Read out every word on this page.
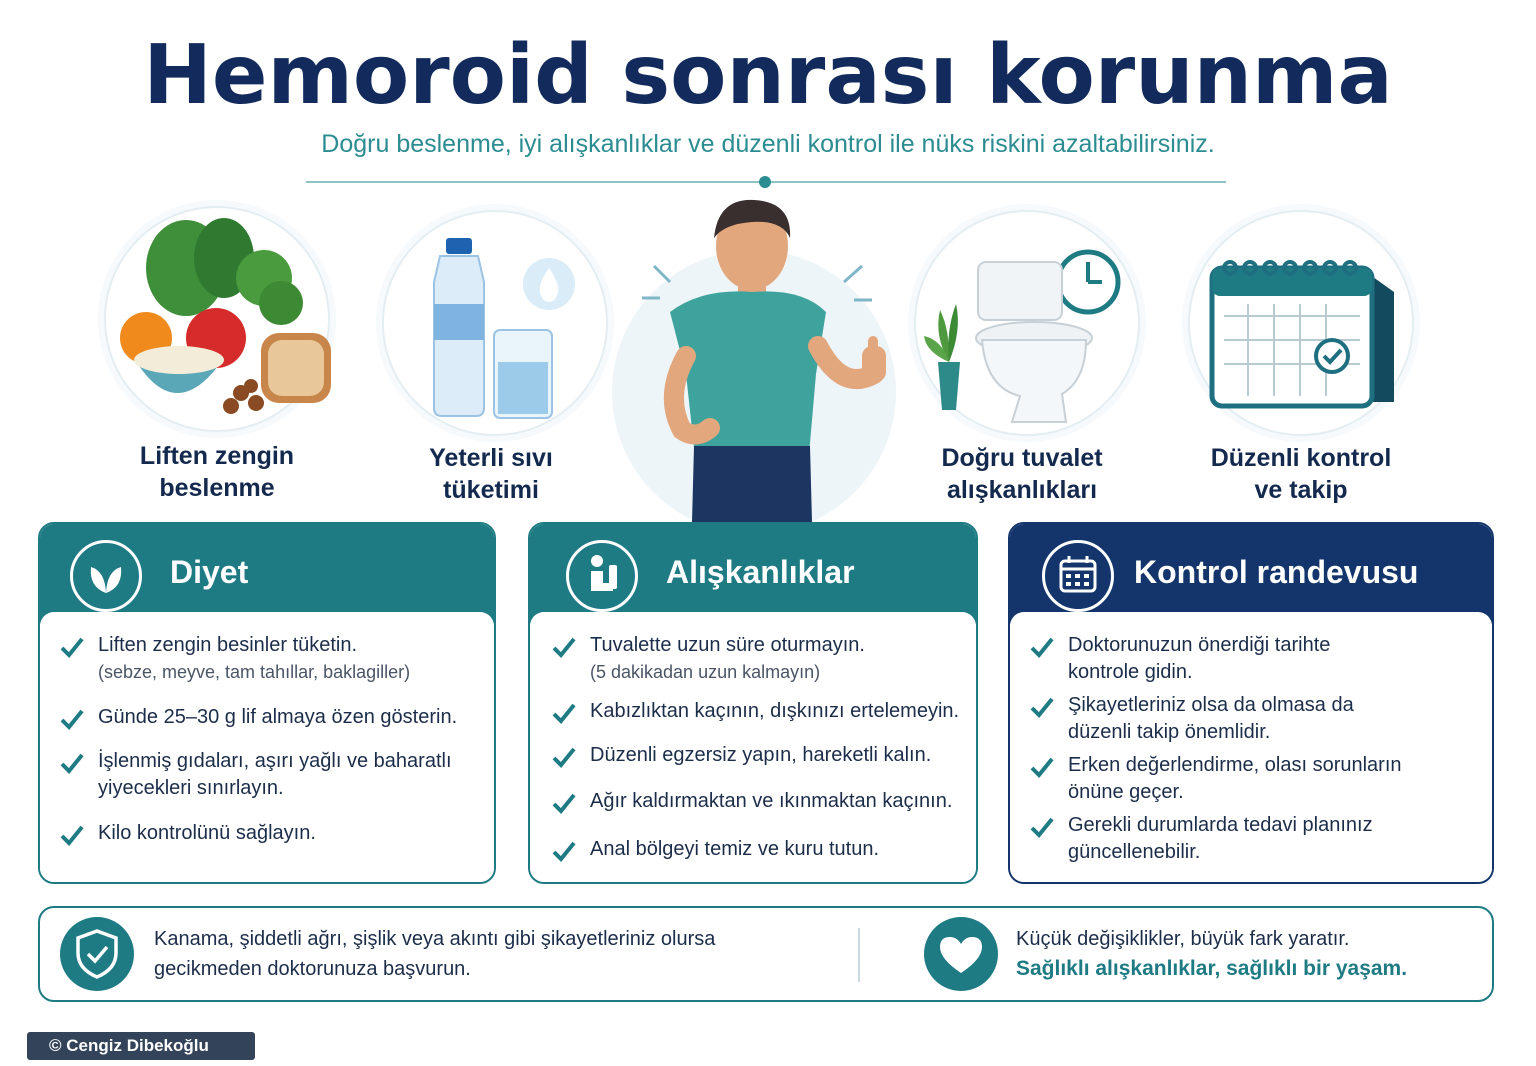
Hemoroid sonrası korunma
Doğru beslenme, iyi alışkanlıklar ve düzenli kontrol ile nüks riskini azaltabilirsiniz.
Liften zengin
beslenme
Yeterli sıvı
tüketimi
Doğru tuvalet
alışkanlıkları
Düzenli kontrol
ve takip
Diyet
Liften zengin besinler tüketin.
(sebze, meyve, tam tahıllar, baklagiller)
Günde 25–30 g lif almaya özen gösterin.
İşlenmiş gıdaları, aşırı yağlı ve baharatlı
yiyecekleri sınırlayın.
Kilo kontrolünü sağlayın.
Alışkanlıklar
Tuvalette uzun süre oturmayın.
(5 dakikadan uzun kalmayın)
Kabızlıktan kaçının, dışkınızı ertelemeyin.
Düzenli egzersiz yapın, hareketli kalın.
Ağır kaldırmaktan ve ıkınmaktan kaçının.
Anal bölgeyi temiz ve kuru tutun.
Kontrol randevusu
Doktorunuzun önerdiği tarihte
kontrole gidin.
Şikayetleriniz olsa da olmasa da
düzenli takip önemlidir.
Erken değerlendirme, olası sorunların
önüne geçer.
Gerekli durumlarda tedavi planınız
güncellenebilir.
Kanama, şiddetli ağrı, şişlik veya akıntı gibi şikayetleriniz olursa
gecikmeden doktorunuza başvurun.
Küçük değişiklikler, büyük fark yaratır.
Sağlıklı alışkanlıklar, sağlıklı bir yaşam.
© Cengiz Dibekoğlu
